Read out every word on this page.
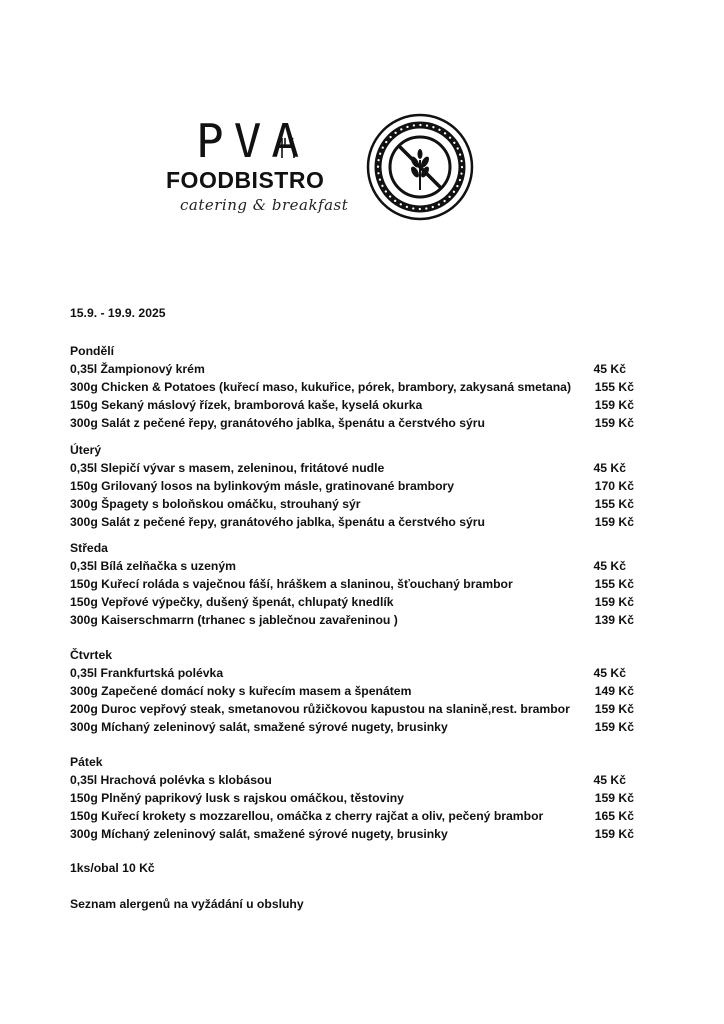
PVA
FOODBISTRO
catering & breakfast
15.9. - 19.9. 2025
Pondělí
0,35l Žampionový krém	45 Kč
300g Chicken & Potatoes (kuřecí maso, kukuřice, pórek, brambory, zakysaná smetana) 155 Kč
150g Sekaný máslový řízek, bramborová kaše, kyselá okurka	159 Kč
300g Salát z pečené řepy, granátového jablka, špenátu a čerstvého sýru	159 Kč
Úterý
0,35l Slepičí vývar s masem, zeleninou, fritátové nudle	45 Kč
150g Grilovaný losos na bylinkovým másle, gratinované brambory	170 Kč
300g Špagety s boloňskou omáčku, strouhaný sýr	155 Kč
300g Salát z pečené řepy, granátového jablka, špenátu a čerstvého sýru	159 Kč
Středa
0,35l Bílá zelňačka s uzeným	45 Kč
150g Kuřecí roláda s vaječnou fáší, hráškem a slaninou, šťouchaný brambor	155 Kč
150g Vepřové výpečky, dušený špenát, chlupatý knedlík	159 Kč
300g Kaiserschmarrn (trhanec s jablečnou zavařeninou )	139 Kč
Čtvrtek
0,35l Frankfurtská polévka	45 Kč
300g Zapečené domácí noky s kuřecím masem a špenátem	149 Kč
200g Duroc vepřový steak, smetanovou růžičkovou kapustou na slanině,rest. brambor 159 Kč
300g Míchaný zeleninový salát, smažené sýrové nugety, brusinky	159 Kč
Pátek
0,35l Hrachová polévka s klobásou	45 Kč
150g Plněný paprikový lusk s rajskou omáčkou, těstoviny	159 Kč
150g Kuřecí krokety s mozzarellou, omáčka z cherry rajčat a oliv, pečený brambor	165 Kč
300g Míchaný zeleninový salát, smažené sýrové nugety, brusinky	159 Kč
1ks/obal 10 Kč
Seznam alergenů na vyžádání u obsluhy
